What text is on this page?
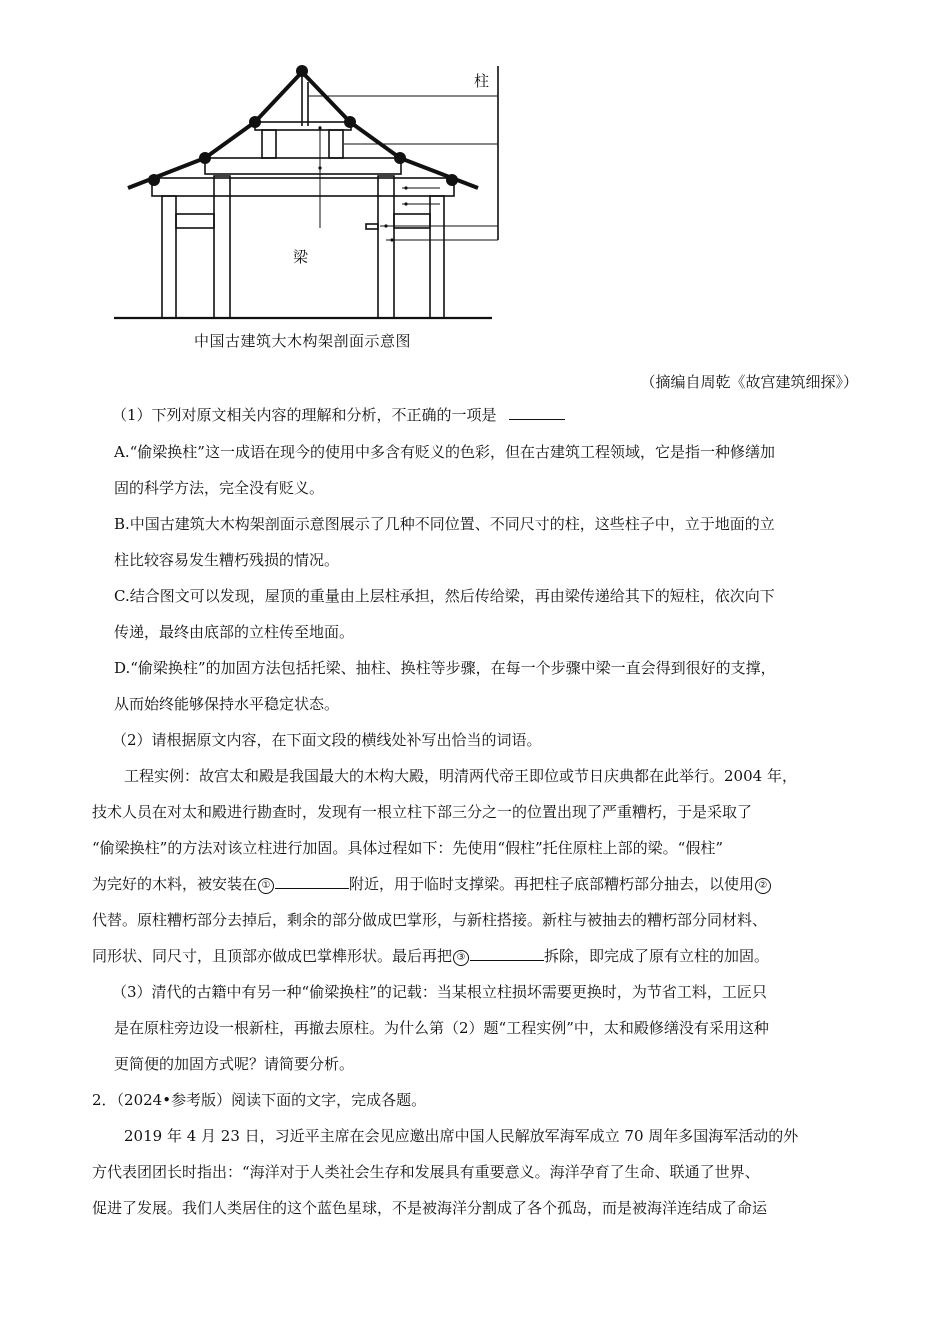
柱

梁

中国古建筑大木构架剖面示意图

（摘编自周乾《故宫建筑细探》）

（1）下列对原文相关内容的理解和分析，不正确的一项是

A.“偷梁换柱”这一成语在现今的使用中多含有贬义的色彩，但在古建筑工程领域，它是指一种修缮加

固的科学方法，完全没有贬义。

B.中国古建筑大木构架剖面示意图展示了几种不同位置、不同尺寸的柱，这些柱子中，立于地面的立

柱比较容易发生糟朽残损的情况。

C.结合图文可以发现，屋顶的重量由上层柱承担，然后传给梁，再由梁传递给其下的短柱，依次向下

传递，最终由底部的立柱传至地面。

D.“偷梁换柱”的加固方法包括托梁、抽柱、换柱等步骤，在每一个步骤中梁一直会得到很好的支撑，

从而始终能够保持水平稳定状态。

（2）请根据原文内容，在下面文段的横线处补写出恰当的词语。

工程实例：故宫太和殿是我国最大的木构大殿，明清两代帝王即位或节日庆典都在此举行。2004 年，

技术人员在对太和殿进行勘查时，发现有一根立柱下部三分之一的位置出现了严重糟朽，于是采取了

“偷梁换柱”的方法对该立柱进行加固。具体过程如下：先使用“假柱”托住原柱上部的梁。“假柱”

为完好的木料，被安装在 ①	附近，用于临时支撑梁。再把柱子底部糟朽部分抽去，以使用 ②

代替。原柱糟朽部分去掉后，剩余的部分做成巴掌形，与新柱搭接。新柱与被抽去的糟朽部分同材料、

同形状、同尺寸，且顶部亦做成巴掌榫形状。最后再把 ③	拆除，即完成了原有立柱的加固。

（3）清代的古籍中有另一种“偷梁换柱”的记载：当某根立柱损坏需要更换时，为节省工料，工匠只

是在原柱旁边设一根新柱，再撤去原柱。为什么第（2）题“工程实例”中，太和殿修缮没有采用这种

更简便的加固方式呢？请简要分析。

2．（2024•参考版）阅读下面的文字，完成各题。

2019 年 4 月 23 日，习近平主席在会见应邀出席中国人民解放军海军成立 70 周年多国海军活动的外

方代表团团长时指出：“海洋对于人类社会生存和发展具有重要意义。海洋孕育了生命、联通了世界、

促进了发展。我们人类居住的这个蓝色星球，不是被海洋分割成了各个孤岛，而是被海洋连结成了命运
